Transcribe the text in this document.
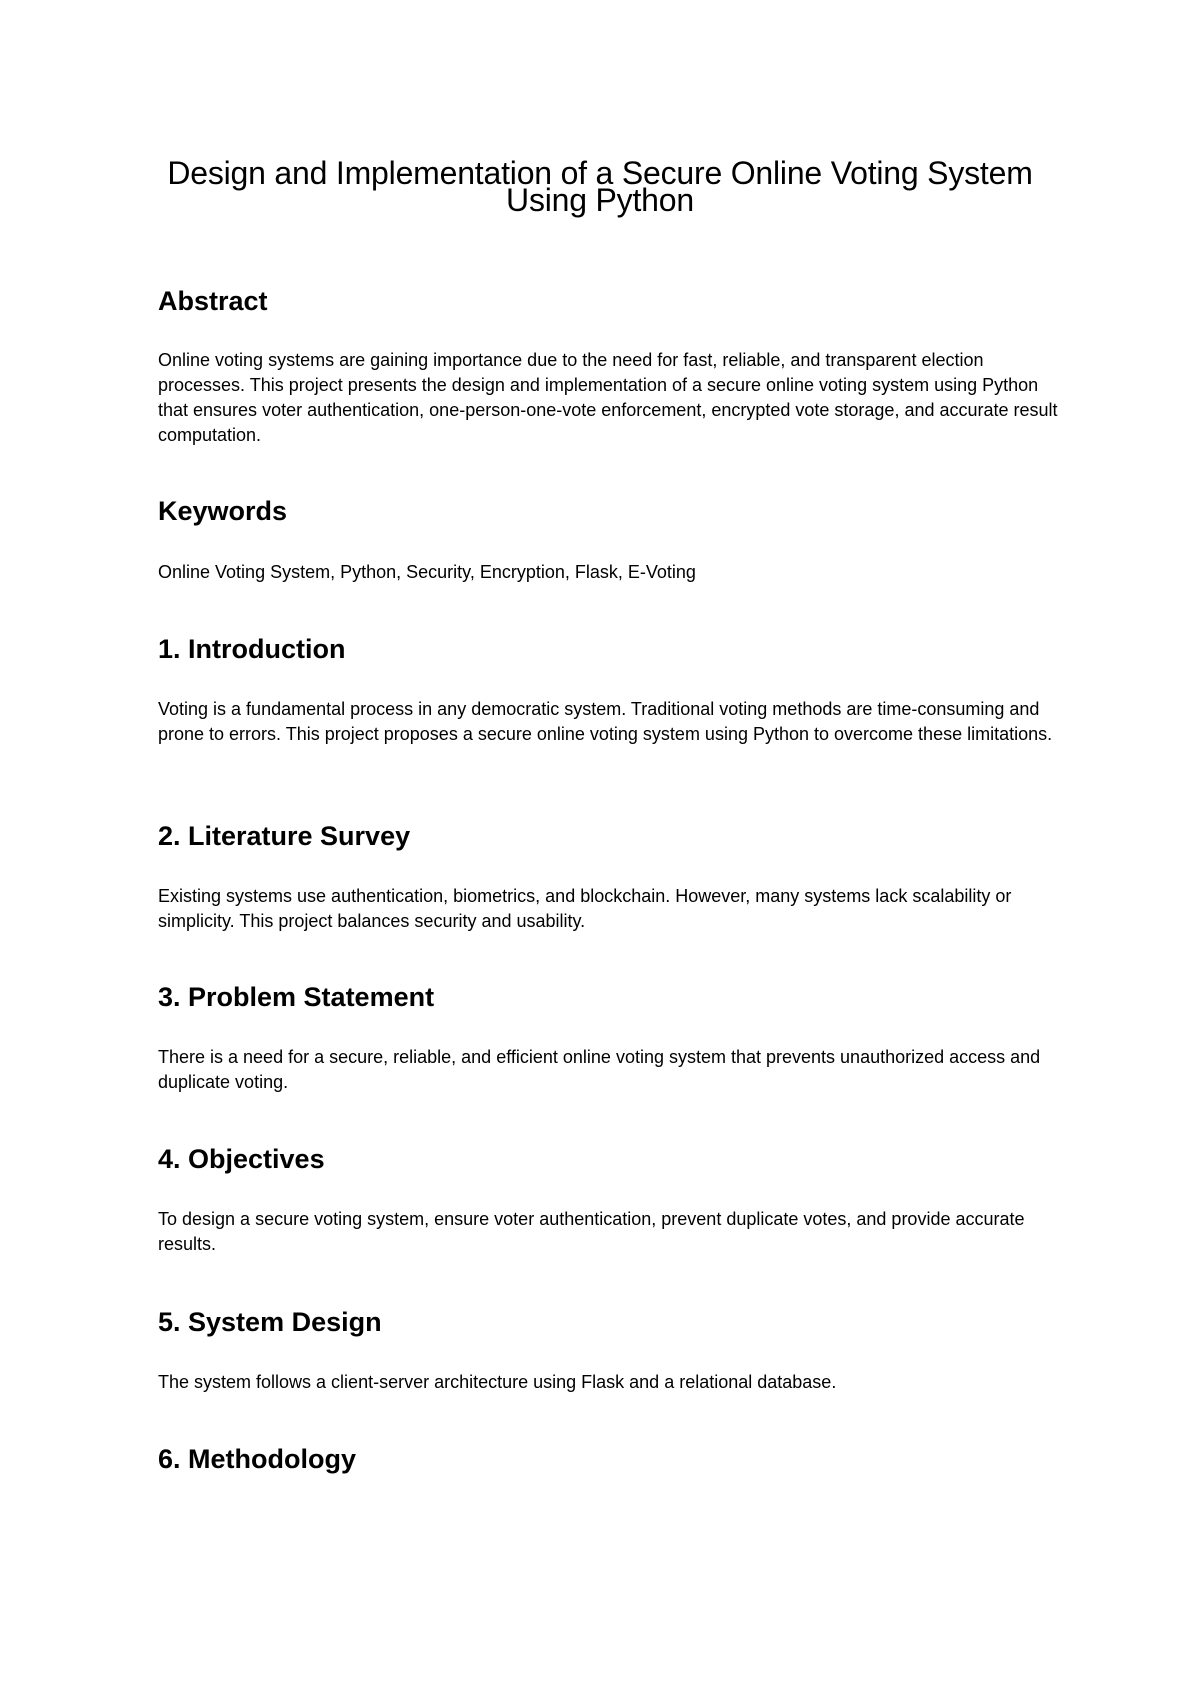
Design and Implementation of a Secure Online Voting System Using Python
Abstract

Online voting systems are gaining importance due to the need for fast, reliable, and transparent election processes. This project presents the design and implementation of a secure online voting system using Python that ensures voter authentication, one-person-one-vote enforcement, encrypted vote storage, and accurate result computation.

Keywords

Online Voting System, Python, Security, Encryption, Flask, E-Voting

1. Introduction

Voting is a fundamental process in any democratic system. Traditional voting methods are time-consuming and prone to errors. This project proposes a secure online voting system using Python to overcome these limitations.

2. Literature Survey

Existing systems use authentication, biometrics, and blockchain. However, many systems lack scalability or simplicity. This project balances security and usability.

3. Problem Statement

There is a need for a secure, reliable, and efficient online voting system that prevents unauthorized access and duplicate voting.

4. Objectives

To design a secure voting system, ensure voter authentication, prevent duplicate votes, and provide accurate results.

5. System Design

The system follows a client-server architecture using Flask and a relational database.

6. Methodology
